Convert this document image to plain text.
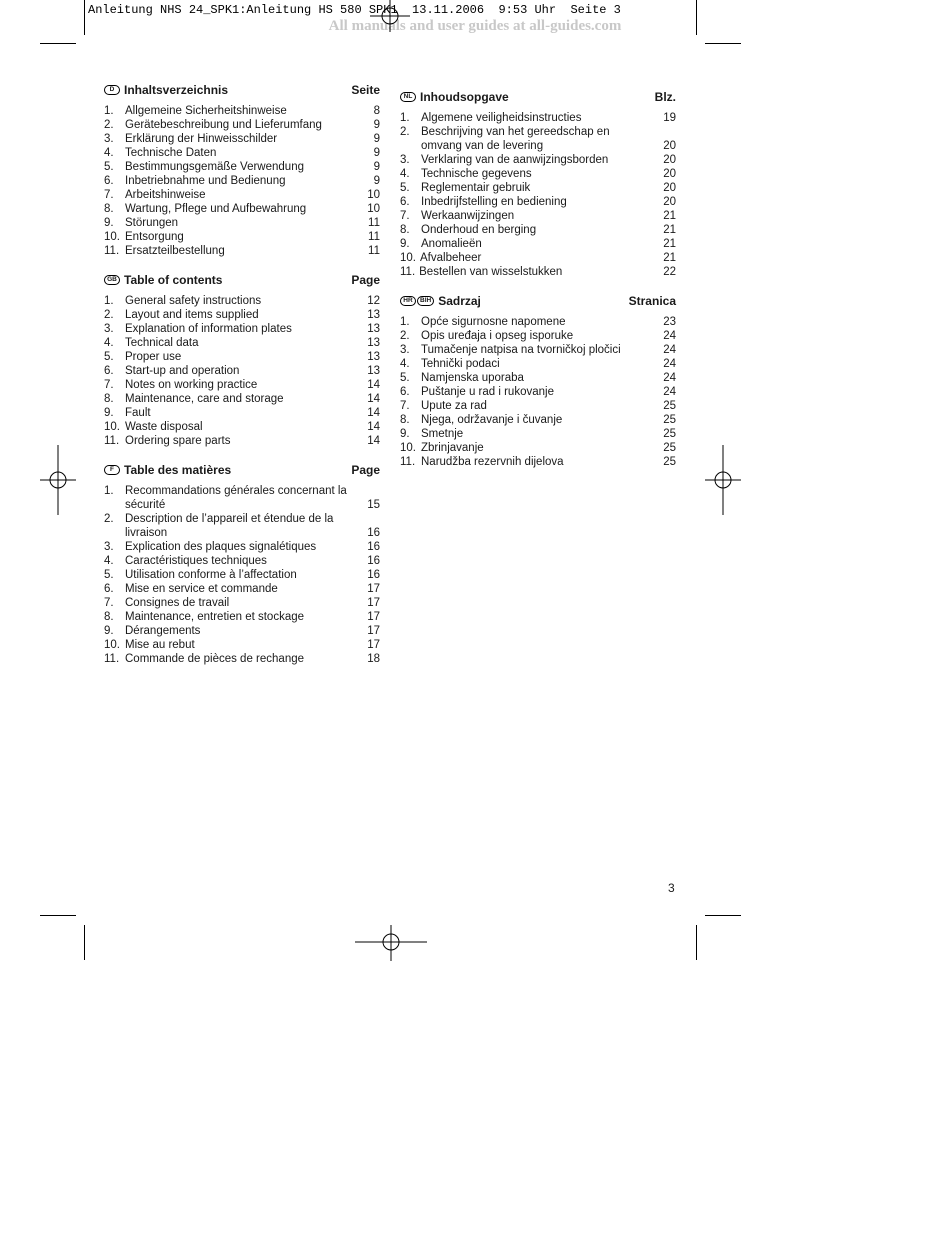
Anleitung NHS 24_SPK1:Anleitung HS 580 SPK1  13.11.2006  9:53 Uhr  Seite 3
All manuals and user guides at all-guides.com
D Inhaltsverzeichnis	Seite
1. Allgemeine Sicherheitshinweise	8
2. Gerätebeschreibung und Lieferumfang	9
3. Erklärung der Hinweisschilder	9
4. Technische Daten	9
5. Bestimmungsgemäße Verwendung	9
6. Inbetriebnahme und Bedienung	9
7. Arbeitshinweise	10
8. Wartung, Pflege und Aufbewahrung	10
9. Störungen	11
10. Entsorgung	11
11. Ersatzteilbestellung	11
GB Table of contents	Page
1. General safety instructions	12
2. Layout and items supplied	13
3. Explanation of information plates	13
4. Technical data	13
5. Proper use	13
6. Start-up and operation	13
7. Notes on working practice	14
8. Maintenance, care and storage	14
9. Fault	14
10. Waste disposal	14
11. Ordering spare parts	14
F Table des matières	Page
1. Recommandations générales concernant la sécurité	15
2. Description de l’appareil et étendue de la livraison	16
3. Explication des plaques signalétiques	16
4. Caractéristiques techniques	16
5. Utilisation conforme à l’affectation	16
6. Mise en service et commande	17
7. Consignes de travail	17
8. Maintenance, entretien et stockage	17
9. Dérangements	17
10. Mise au rebut	17
11. Commande de pièces de rechange	18
NL Inhoudsopgave	Blz.
1. Algemene veiligheidsinstructies	19
2. Beschrijving van het gereedschap en omvang van de levering	20
3. Verklaring van de aanwijzingsborden	20
4. Technische gegevens	20
5. Reglementair gebruik	20
6. Inbedrijfstelling en bediening	20
7. Werkaanwijzingen	21
8. Onderhoud en berging	21
9. Anomalieën	21
10. Afvalbeheer	21
11. Bestellen van wisselstukken	22
HR	BIH Sadrzaj	Stranica
1. Opće sigurnosne napomene	23
2. Opis uređaja i opseg isporuke	24
3. Tumačenje natpisa na tvorničkoj pločici	24
4. Tehnički podaci	24
5. Namjenska uporaba	24
6. Puštanje u rad i rukovanje	24
7. Upute za rad	25
8. Njega, održavanje i čuvanje	25
9. Smetnje	25
10. Zbrinjavanje	25
11. Narudžba rezervnih dijelova	25
3
